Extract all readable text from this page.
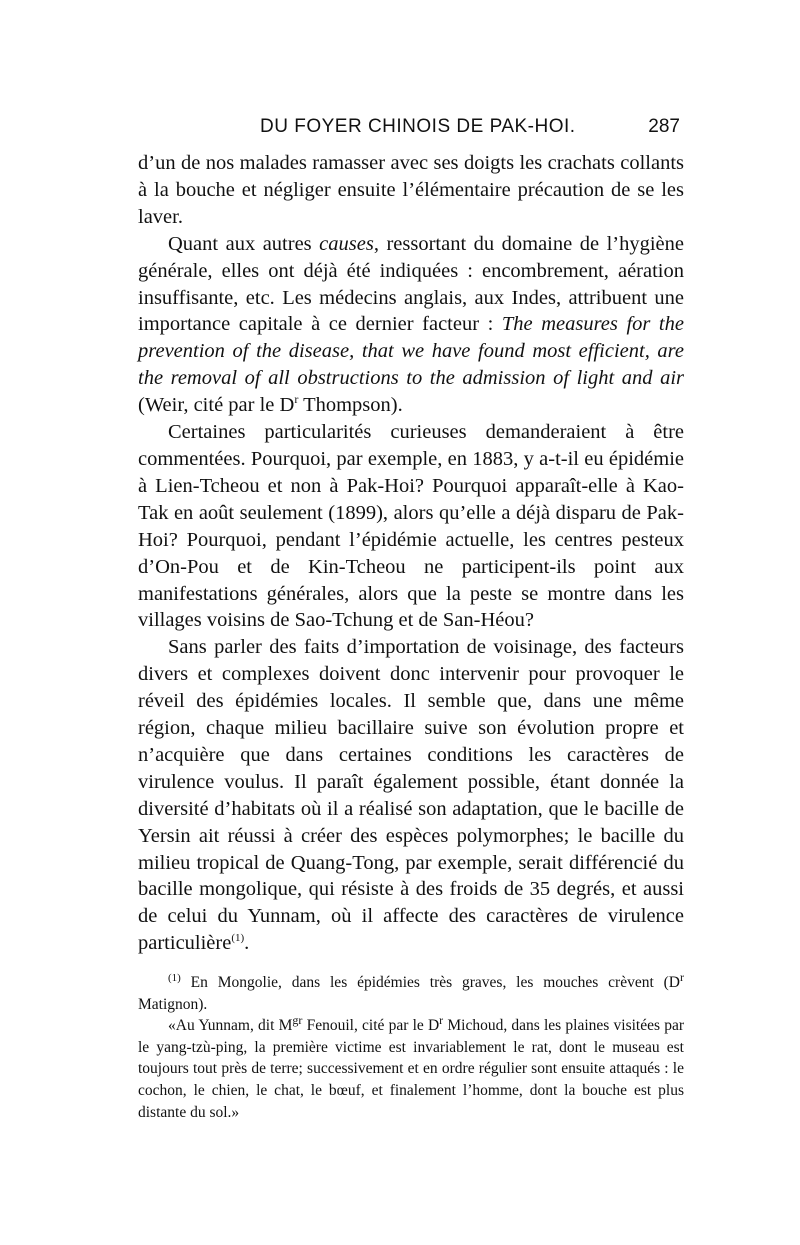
DU FOYER CHINOIS DE PAK-HOI.	287

d’un de nos malades ramasser avec ses doigts les crachats collants à la bouche et négliger ensuite l’élémentaire précaution de se les laver.

Quant aux autres causes, ressortant du domaine de l’hygiène générale, elles ont déjà été indiquées : encombrement, aération insuffisante, etc. Les médecins anglais, aux Indes, attribuent une importance capitale à ce dernier facteur : The measures for the prevention of the disease, that we have found most efficient, are the removal of all obstructions to the admission of light and air (Weir, cité par le $D^r$ Thompson).

Certaines particularités curieuses demanderaient à être commentées. Pourquoi, par exemple, en 1883, y a-t-il eu épidémie à Lien-Tcheou et non à Pak-Hoi? Pourquoi apparaît-elle à Kao-Tak en août seulement (1899), alors qu’elle a déjà disparu de Pak-Hoi? Pourquoi, pendant l’épidémie actuelle, les centres pesteux d’On-Pou et de Kin-Tcheou ne participent-ils point aux manifestations générales, alors que la peste se montre dans les villages voisins de Sao-Tchung et de San-Héou?

Sans parler des faits d’importation de voisinage, des facteurs divers et complexes doivent donc intervenir pour provoquer le réveil des épidémies locales. Il semble que, dans une même région, chaque milieu bacillaire suive son évolution propre et n’acquière que dans certaines conditions les caractères de virulence voulus. Il paraît également possible, étant donnée la diversité d’habitats où il a réalisé son adaptation, que le bacille de Yersin ait réussi à créer des espèces polymorphes; le bacille du milieu tropical de Quang-Tong, par exemple, serait différencié du bacille mongolique, qui résiste à des froids de 35 degrés, et aussi de celui du Yunnam, où il affecte des caractères de virulence particulière$^{(1)}$.

$^{(1)}$ En Mongolie, dans les épidémies très graves, les mouches crèvent ($D^r$ Matignon).

«Au Yunnam, dit $M^{gr}$ Fenouil, cité par le $D^r$ Michoud, dans les plaines visitées par le yang-tzù-ping, la première victime est invariablement le rat, dont le museau est toujours tout près de terre; successivement et en ordre régulier sont ensuite attaqués : le cochon, le chien, le chat, le bœuf, et finalement l’homme, dont la bouche est plus distante du sol.»
